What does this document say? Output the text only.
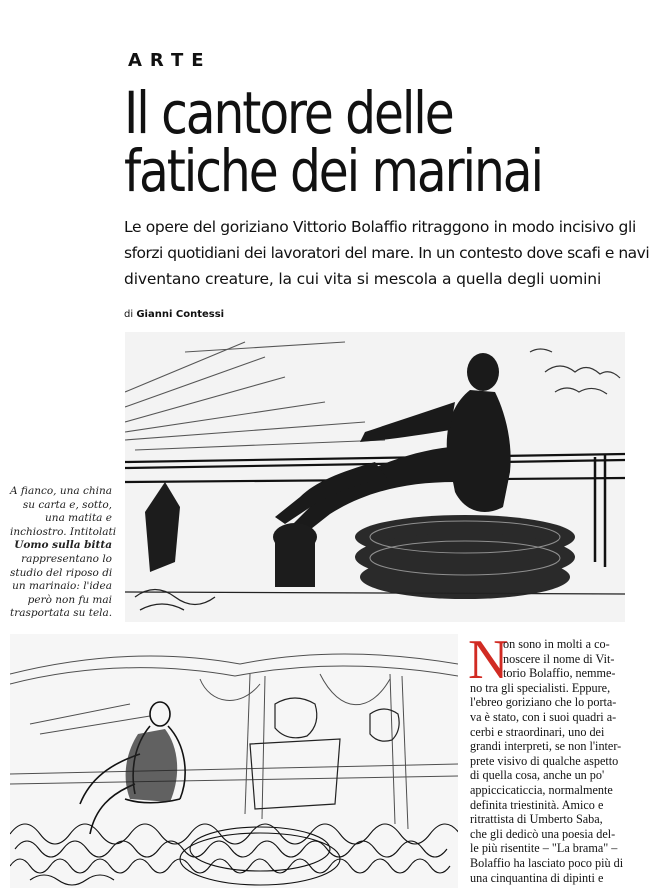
ARTE
Il cantore delle
fatiche dei marinai
Le opere del goriziano Vittorio Bolaffio ritraggono in modo incisivo gli
sforzi quotidiani dei lavoratori del mare. In un contesto dove scafi e navi
diventano creature, la cui vita si mescola a quella degli uomini
di Gianni Contessi
A fianco, una china
su carta e, sotto,
una matita e
inchiostro. Intitolati
Uomo sulla bitta
rappresentano lo
studio del riposo di
un marinaio: l'idea
però non fu mai
trasportata su tela.
N
on sono in molti a co-
noscere il nome di Vit-
torio Bolaffio, nemme-
no tra gli specialisti. Eppure,
l'ebreo goriziano che lo porta-
va è stato, con i suoi quadri a-
cerbi e straordinari, uno dei
grandi interpreti, se non l'inter-
prete visivo di qualche aspetto
di quella cosa, anche un po'
appiccicaticcia, normalmente
definita triestinità. Amico e
ritrattista di Umberto Saba,
che gli dedicò una poesia del-
le più risentite – "La brama" –
Bolaffio ha lasciato poco più di
una cinquantina di dipinti e
